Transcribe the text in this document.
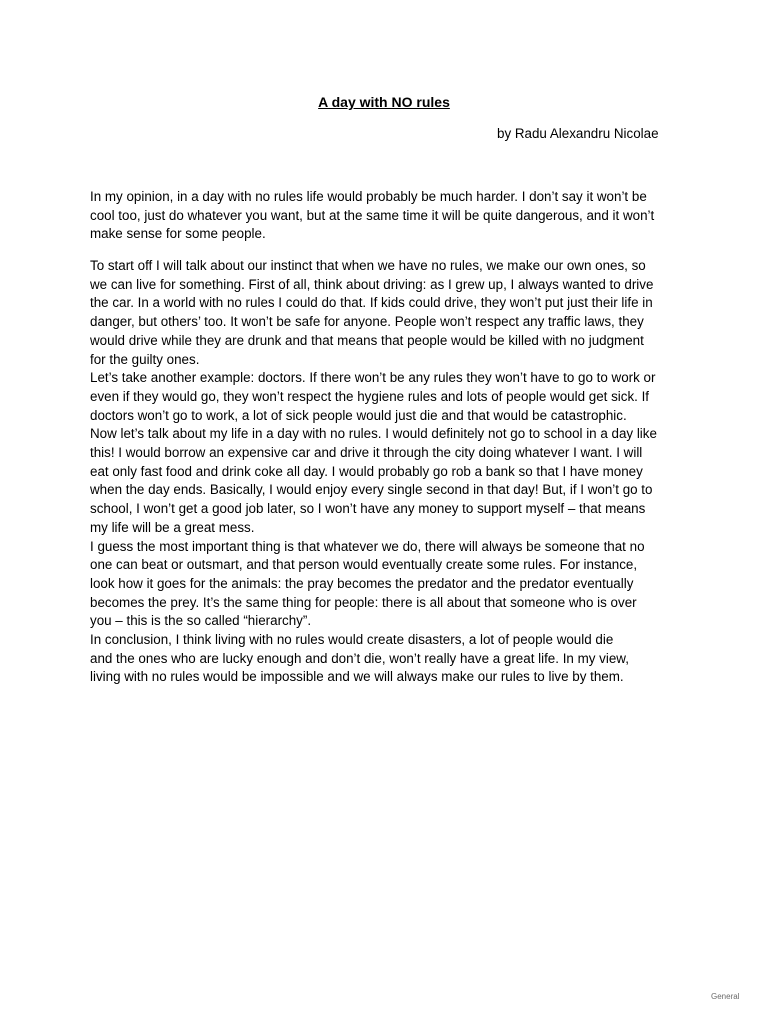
A day with NO rules

by Radu Alexandru Nicolae

In my opinion, in a day with no rules life would probably be much harder. I don’t say it won’t be
cool too, just do whatever you want, but at the same time it will be quite dangerous, and it won’t
make sense for some people.

To start off I will talk about our instinct that when we have no rules, we make our own ones, so
we can live for something. First of all, think about driving: as I grew up, I always wanted to drive
the car. In a world with no rules I could do that. If kids could drive, they won’t put just their life in
danger, but others’ too. It won’t be safe for anyone. People won’t respect any traffic laws, they
would drive while they are drunk and that means that people would be killed with no judgment
for the guilty ones.
Let’s take another example: doctors. If there won’t be any rules they won’t have to go to work or
even if they would go, they won’t respect the hygiene rules and lots of people would get sick. If
doctors won’t go to work, a lot of sick people would just die and that would be catastrophic.
Now let’s talk about my life in a day with no rules. I would definitely not go to school in a day like
this! I would borrow an expensive car and drive it through the city doing whatever I want. I will
eat only fast food and drink coke all day. I would probably go rob a bank so that I have money
when the day ends. Basically, I would enjoy every single second in that day! But, if I won’t go to
school, I won’t get a good job later, so I won’t have any money to support myself – that means
my life will be a great mess.
I guess the most important thing is that whatever we do, there will always be someone that no
one can beat or outsmart, and that person would eventually create some rules. For instance,
look how it goes for the animals: the pray becomes the predator and the predator eventually
becomes the prey. It’s the same thing for people: there is all about that someone who is over
you – this is the so called “hierarchy”.
In conclusion, I think living with no rules would create disasters, a lot of people would die
and the ones who are lucky enough and don’t die, won’t really have a great life. In my view,
living with no rules would be impossible and we will always make our rules to live by them.

General
